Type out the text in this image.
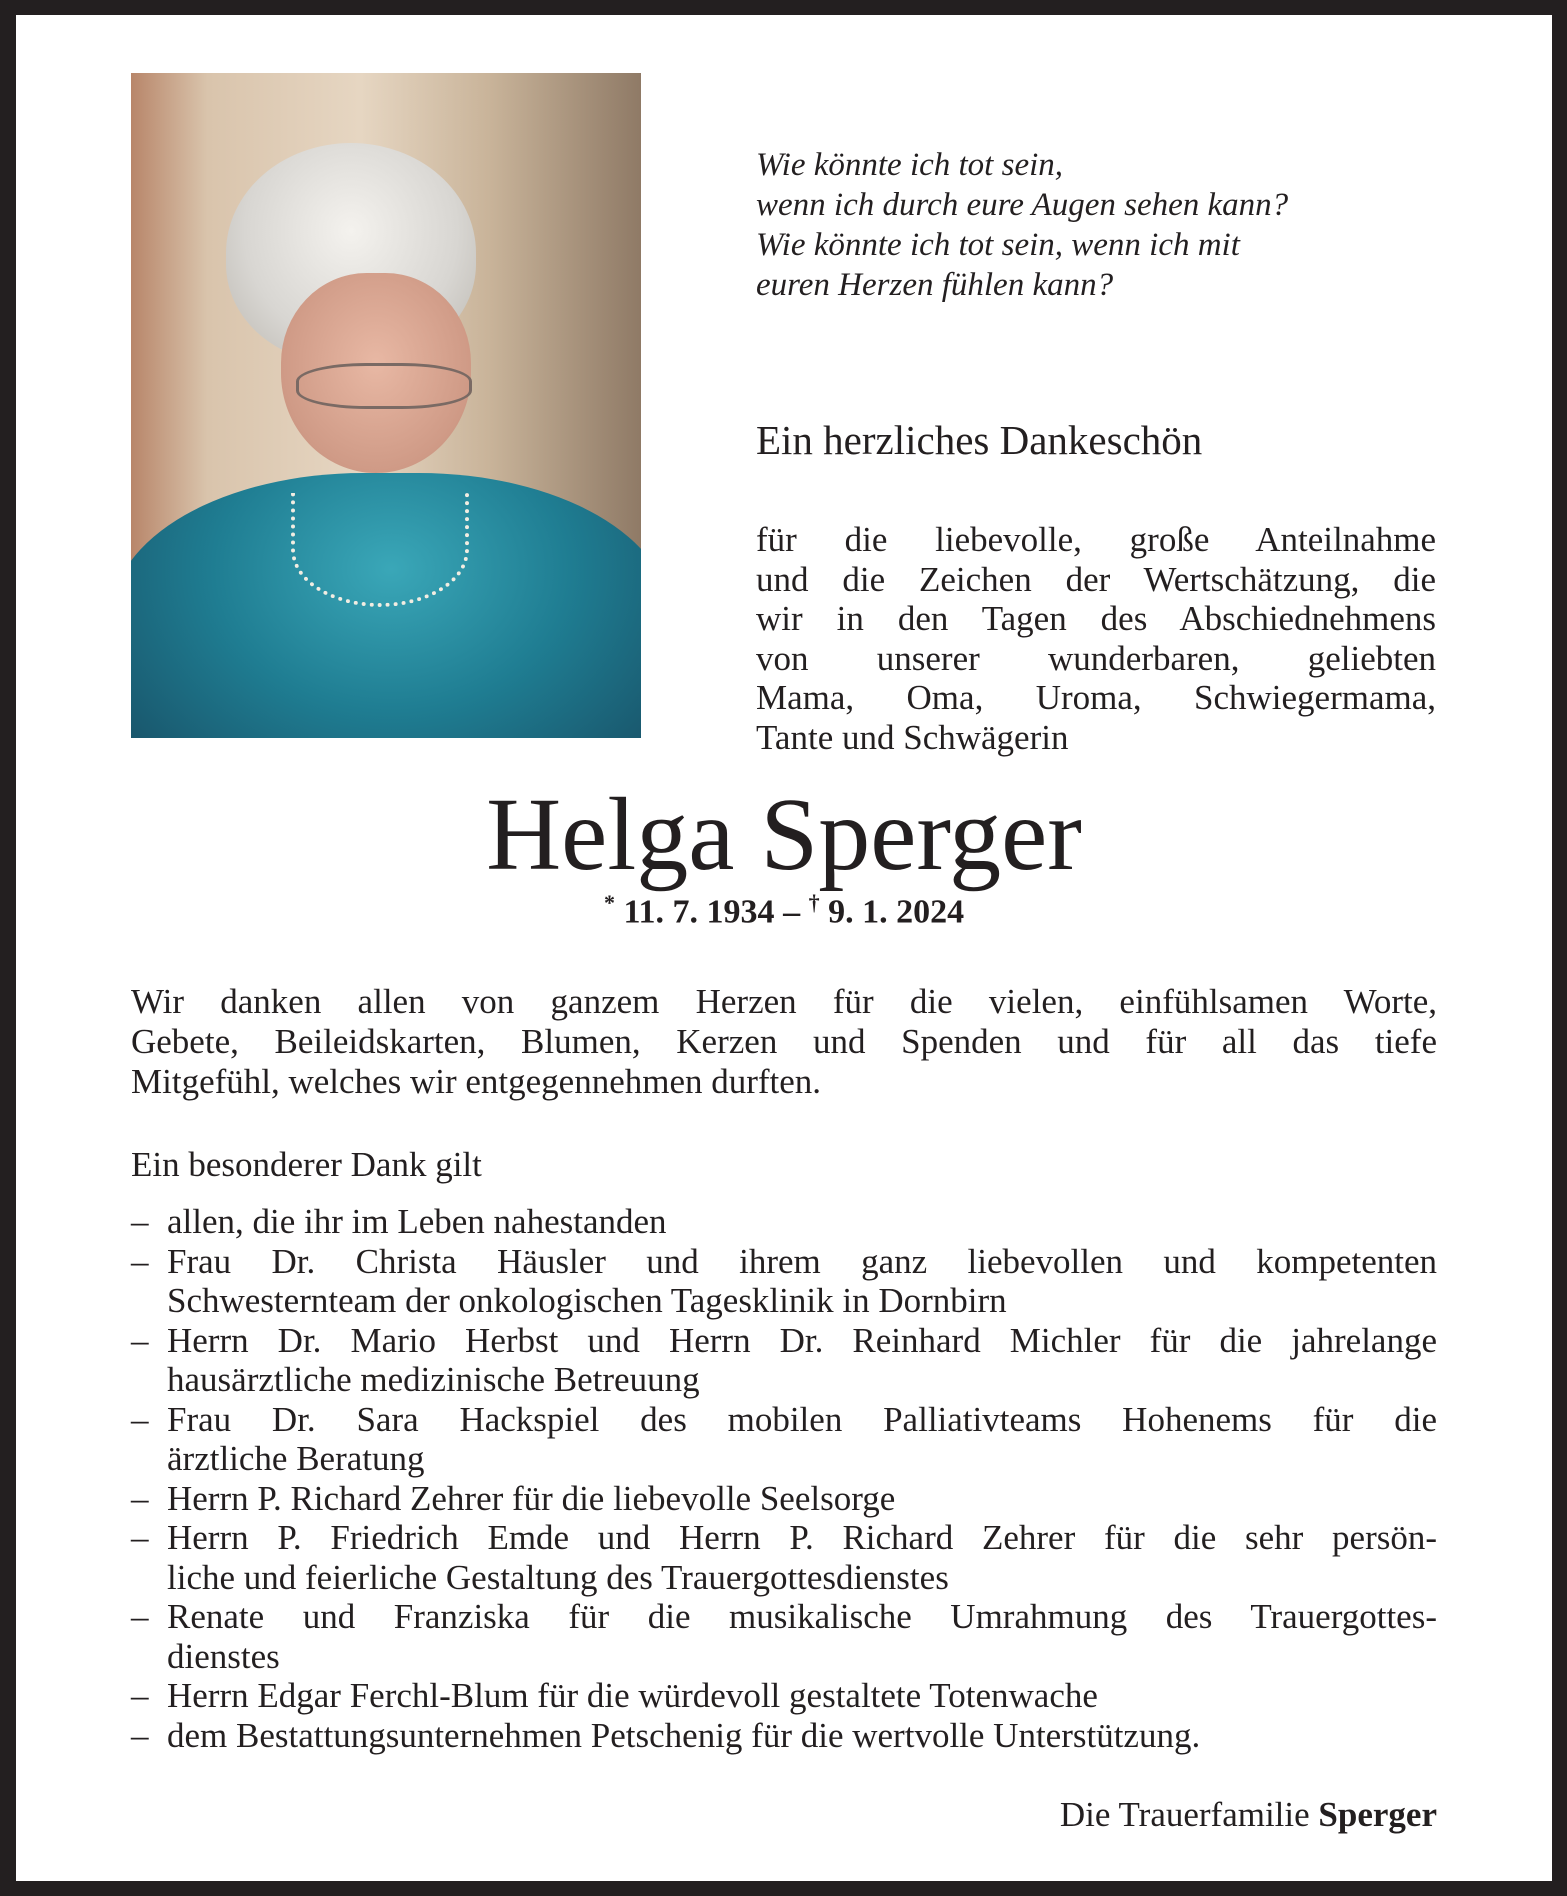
Wie könnte ich tot sein,
wenn ich durch eure Augen sehen kann?
Wie könnte ich tot sein, wenn ich mit
euren Herzen fühlen kann?
Ein herzliches Dankeschön
für die liebevolle, große Anteilnahme
und die Zeichen der Wertschätzung, die
wir in den Tagen des Abschiednehmens
von unserer wunderbaren, geliebten
Mama, Oma, Uroma, Schwiegermama,
Tante und Schwägerin
Helga Sperger
* 11. 7. 1934 – † 9. 1. 2024
Wir danken allen von ganzem Herzen für die vielen, einfühlsamen Worte,
Gebete, Beileidskarten, Blumen, Kerzen und Spenden und für all das tiefe
Mitgefühl, welches wir entgegennehmen durften.
Ein besonderer Dank gilt
– allen, die ihr im Leben nahestanden
– Frau Dr. Christa Häusler und ihrem ganz liebevollen und kompetenten
Schwesternteam der onkologischen Tagesklinik in Dornbirn
– Herrn Dr. Mario Herbst und Herrn Dr. Reinhard Michler für die jahrelange
hausärztliche medizinische Betreuung
– Frau Dr. Sara Hackspiel des mobilen Palliativteams Hohenems für die
ärztliche Beratung
– Herrn P. Richard Zehrer für die liebevolle Seelsorge
– Herrn P. Friedrich Emde und Herrn P. Richard Zehrer für die sehr persön-
liche und feierliche Gestaltung des Trauergottesdienstes
– Renate und Franziska für die musikalische Umrahmung des Trauergottes-
dienstes
– Herrn Edgar Ferchl-Blum für die würdevoll gestaltete Totenwache
– dem Bestattungsunternehmen Petschenig für die wertvolle Unterstützung.
Die Trauerfamilie Sperger
